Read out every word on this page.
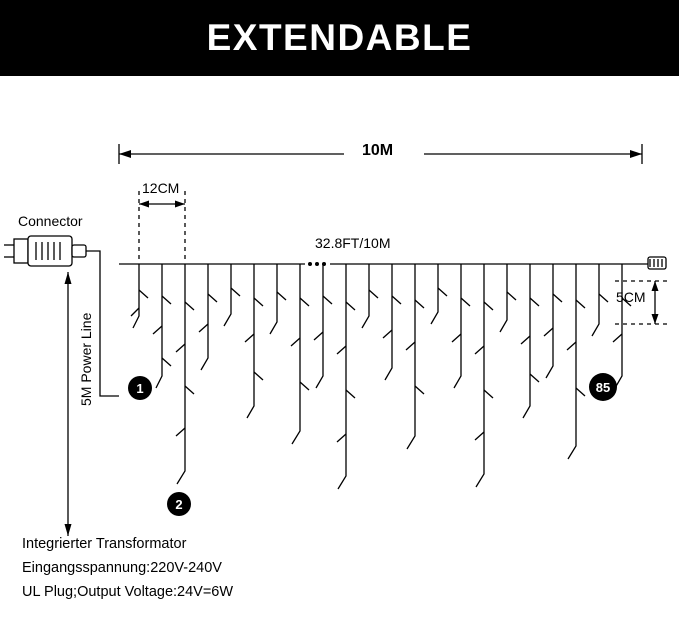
EXTENDABLE
10M
12CM
32.8FT/10M
5CM
Connector
5M Power Line	1
2
85
Integrierter Transformator
Eingangsspannung:220V-240V
UL Plug;Output Voltage:24V=6W
